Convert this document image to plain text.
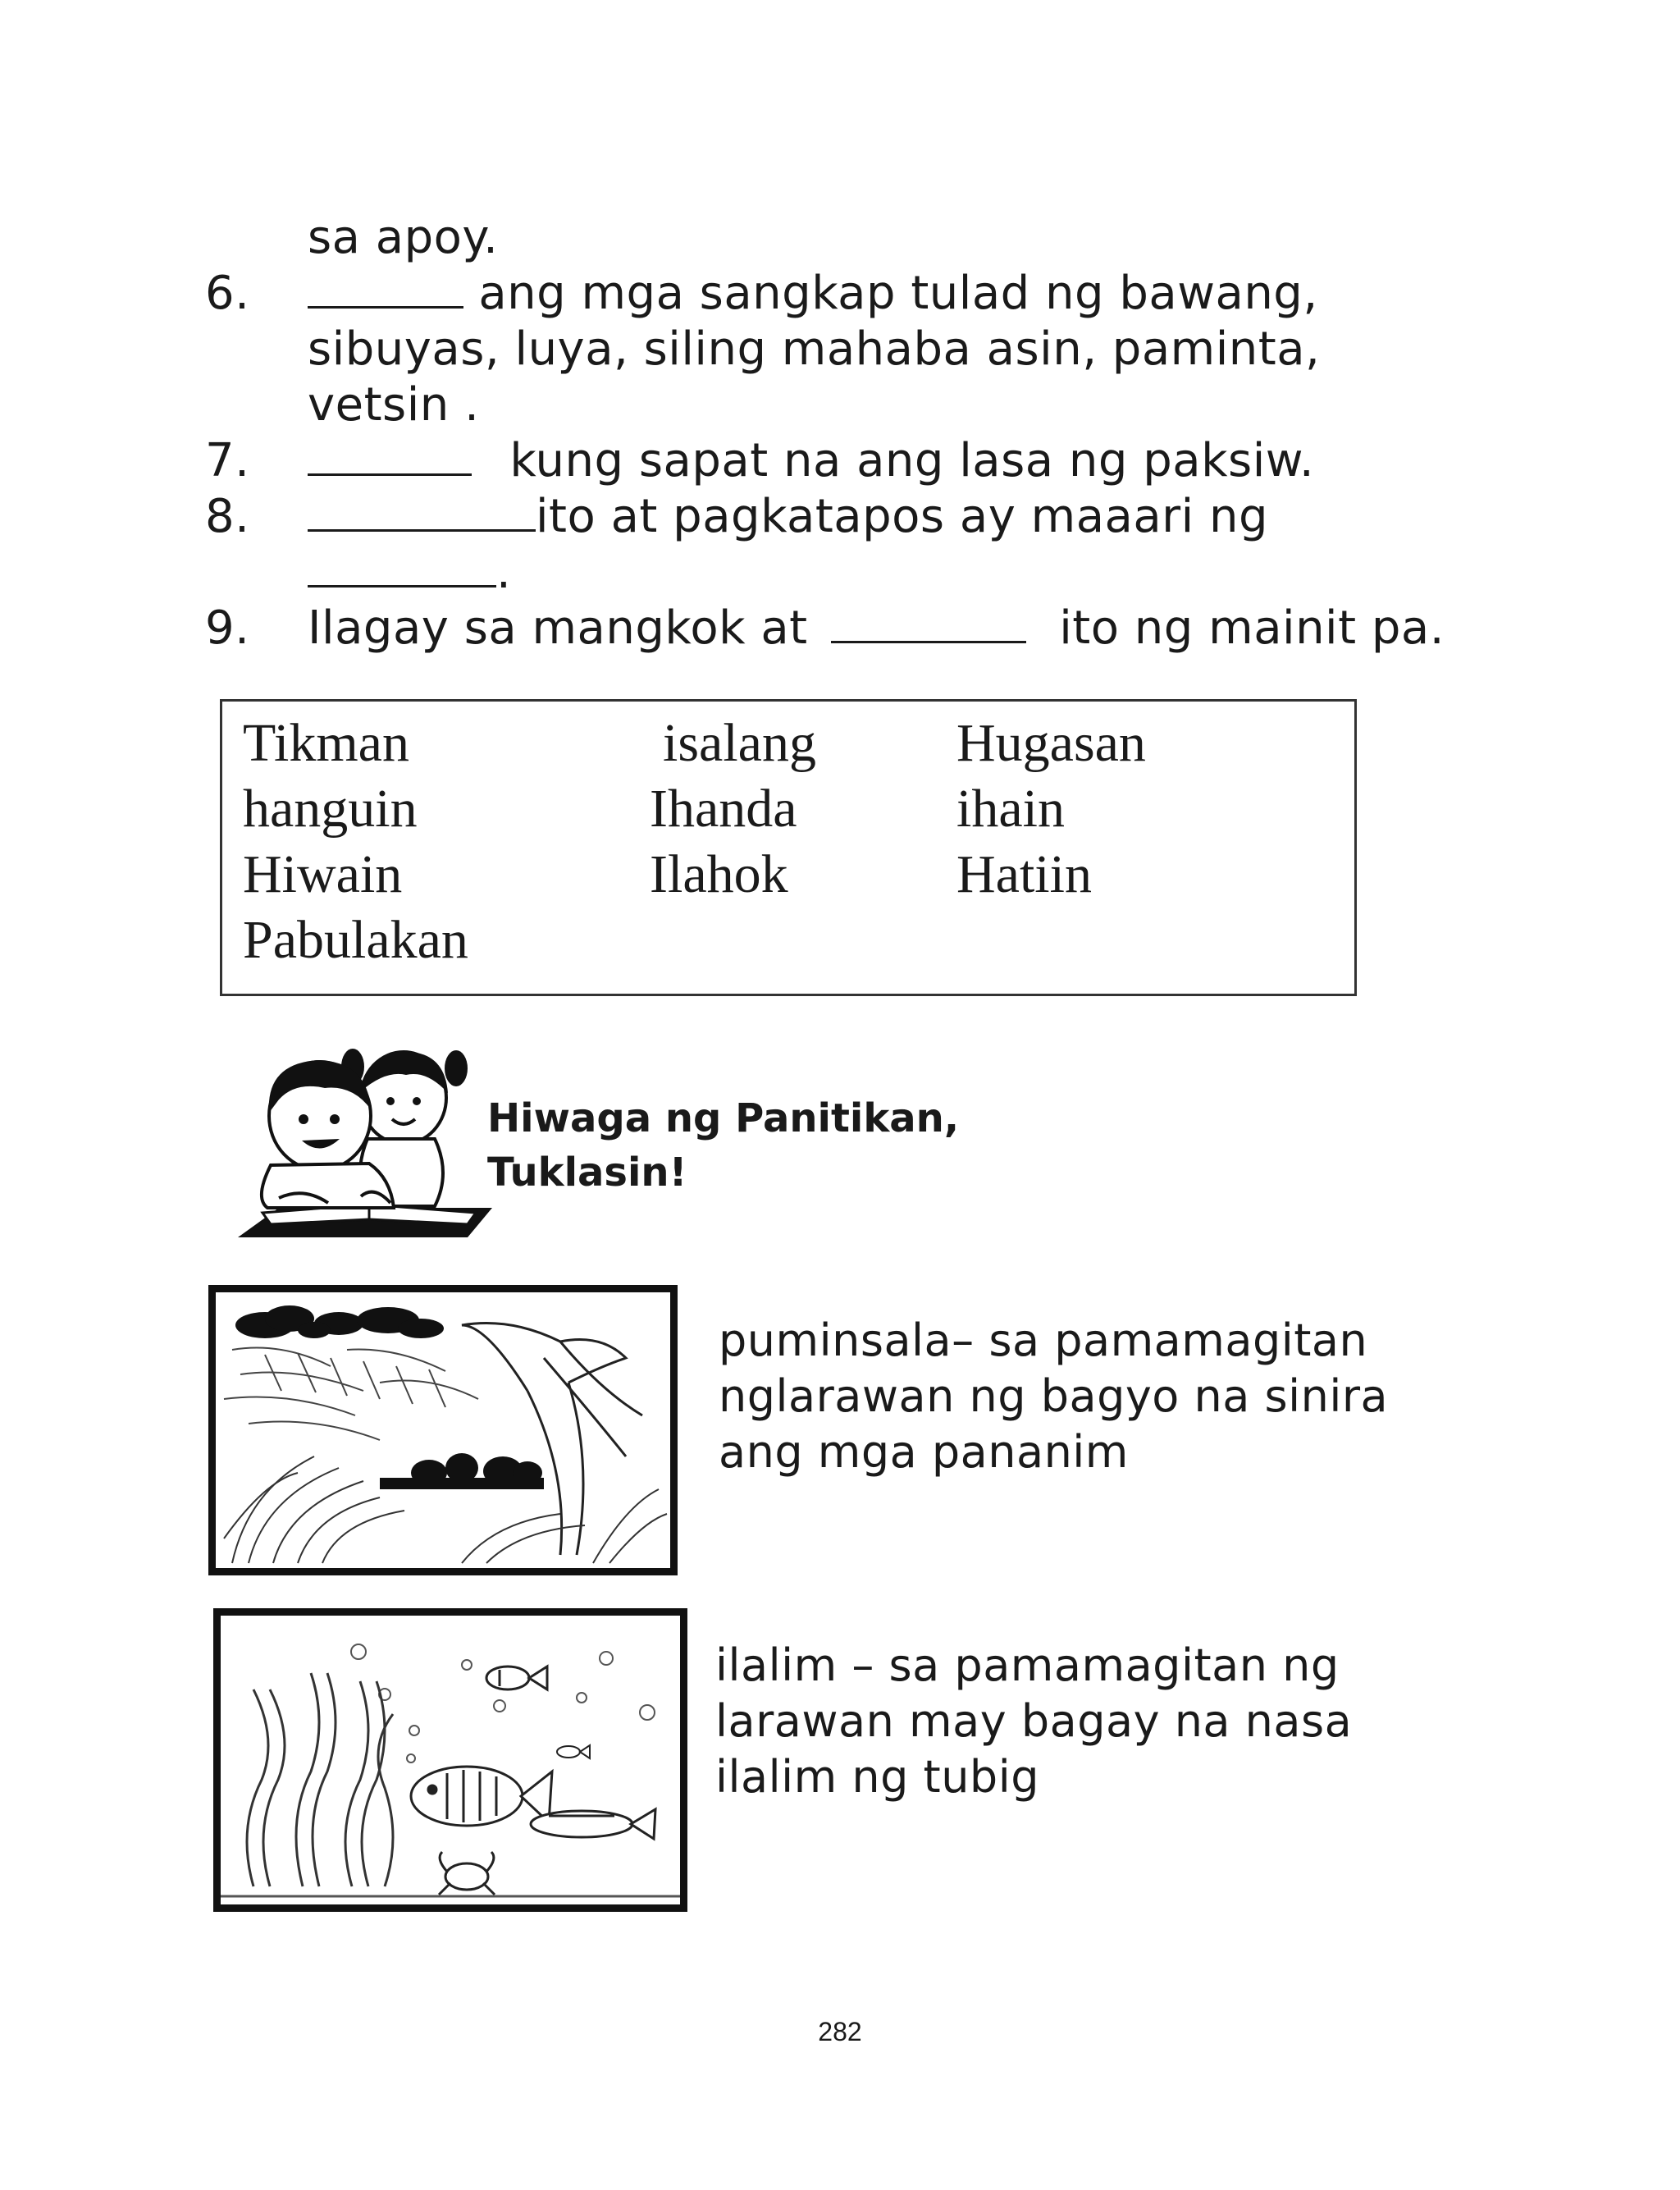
sa apoy.
6.	ang mga sangkap tulad ng bawang,
sibuyas, luya, siling mahaba asin, paminta,
vetsin .
7.	kung sapat na ang lasa ng paksiw.
8.	ito at pagkatapos ay maaari ng
.
9. Ilagay sa mangkok at	ito ng mainit pa.
Tikman	isalang	Hugasan
hanguin	Ihanda	ihain
Hiwain	Ilahok	Hatiin
Pabulakan
Hiwaga ng Panitikan,
Tuklasin!
puminsala– sa pamamagitan
nglarawan ng bagyo na sinira
ang mga pananim
ilalim – sa pamamagitan ng
larawan may bagay na nasa
ilalim ng tubig
282
